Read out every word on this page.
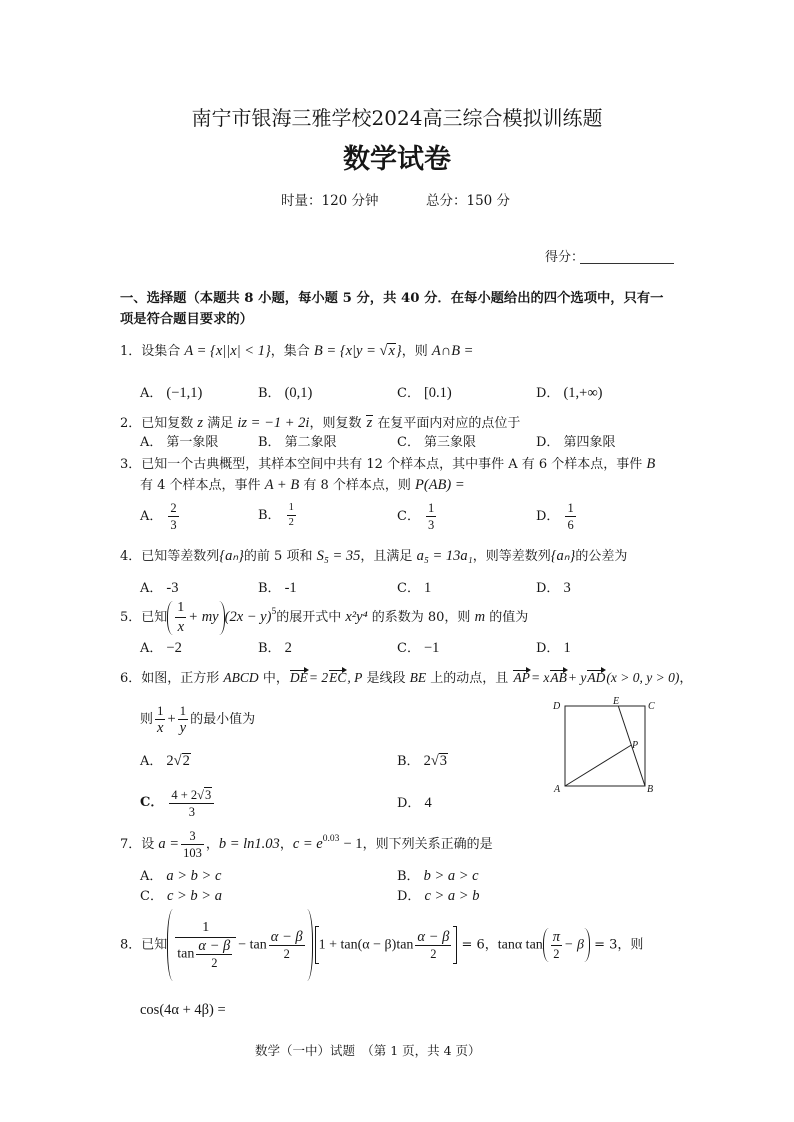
南宁市银海三雅学校2024高三综合模拟训练题
数学试卷
时量：120 分钟	总分：150 分
得分：
一、选择题（本题共 8 小题，每小题 5 分，共 40 分．在每小题给出的四个选项中，只有一
项是符合题目要求的）
1．设集合 A = {x||x| < 1}，集合 B = {x|y = √x}，则 A∩B =
A． (−1,1)	B． (0,1)	C． [0.1)	D． (1,+∞)
2．已知复数 z 满足 iz = −1 + 2i，则复数 z 在复平面内对应的点位于
A． 第一象限	B． 第二象限	C． 第三象限	D． 第四象限
3．已知一个古典概型，其样本空间中共有 12 个样本点，其中事件 A 有 6 个样本点，事件 B
有 4 个样本点，事件 A + B 有 8 个样本点，则 P(AB) =
A． $\frac{2}{3}$	B． $\frac{1}{2}$	C． $\frac{1}{3}$	D． $\frac{1}{6}$
4．已知等差数列{aₙ}的前 5 项和 S₅ = 35，且满足 a₅ = 13a₁，则等差数列{aₙ}的公差为
A． -3	B． -1	C． 1	D． 3
5．已知 $\frac{1}{x}$ + my $(2x - y)^5$的展开式中 x²y⁴ 的系数为 80，则 m 的值为
A． −2	B． 2	C． −1	D． 1
6．如图，正方形 ABCD 中，DE= 2EC, P 是线段 BE 上的动点，且 AP= xAB+ yAD(x > 0, y > 0)，
则 $\frac{1}{x} + \frac{1}{y}$ 的最小值为
D	E	C
P
A	B
A． 2√2	B． 2√3
C． $\frac{4 + 2√3}{3}$	D． 4
7．设 $a = \frac{3}{103}$ ，b = ln1.03，$c = e^{0.03} - 1$，则下列关系正确的是
A． a > b > c	B． b > a > c
C． c > b > a	D． c > a > b
8．已知 $\frac{1}{\tan \frac{\alpha - \beta}{2}} - \tan \frac{\alpha - \beta}{2} 1 + \tan(\alpha - \beta)\tan \frac{\alpha - \beta}{2} = 6$，tanα $\tan \frac{\pi}{2} - \beta = 3$，则
cos(4α + 4β) =
数学（一中）试题　（第 1 页，共 4 页）
